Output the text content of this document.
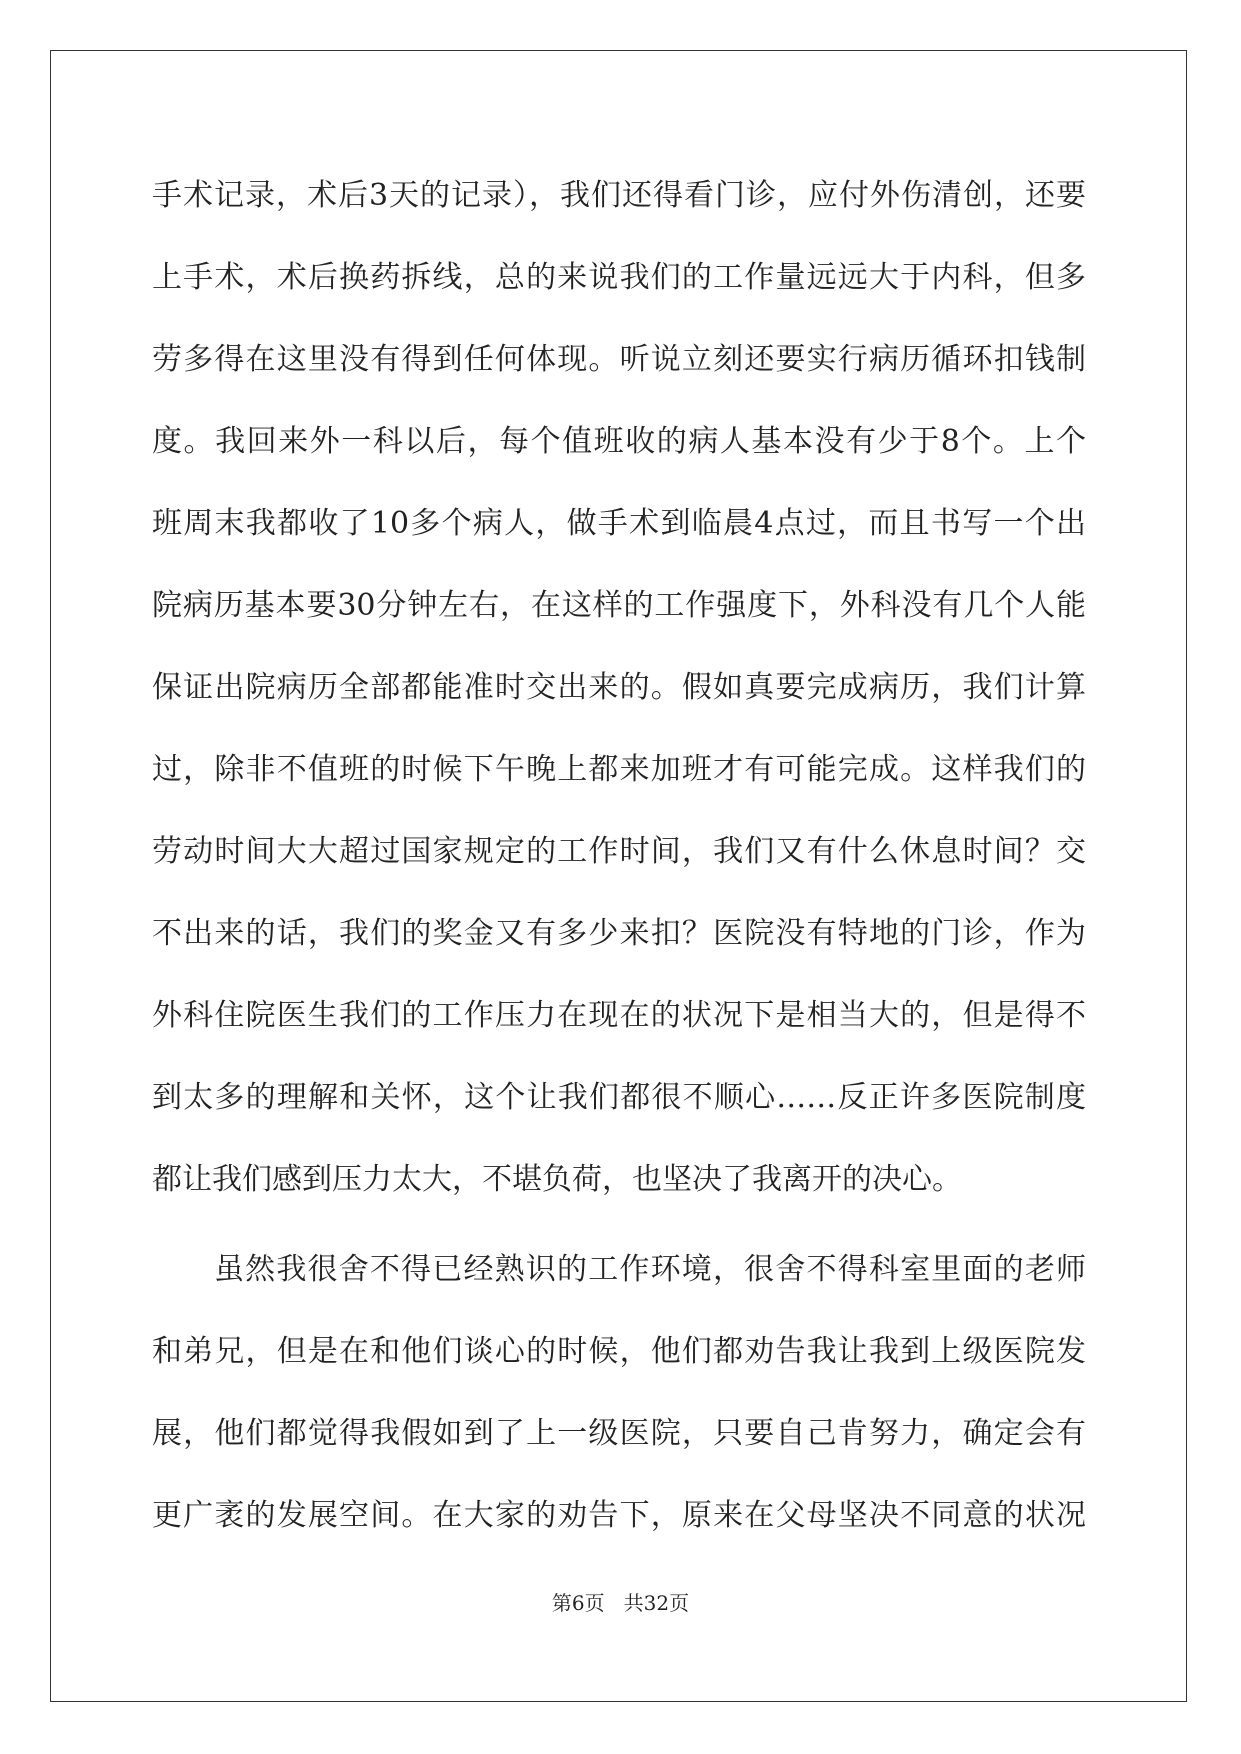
手术记录，术后3天的记录），我们还得看门诊，应付外伤清创，还要
上手术，术后换药拆线，总的来说我们的工作量远远大于内科，但多
劳多得在这里没有得到任何体现。听说立刻还要实行病历循环扣钱制
度。我回来外一科以后，每个值班收的病人基本没有少于8个。上个
班周末我都收了10多个病人，做手术到临晨4点过，而且书写一个出
院病历基本要30分钟左右，在这样的工作强度下，外科没有几个人能
保证出院病历全部都能准时交出来的。假如真要完成病历，我们计算
过，除非不值班的时候下午晚上都来加班才有可能完成。这样我们的
劳动时间大大超过国家规定的工作时间，我们又有什么休息时间？交
不出来的话，我们的奖金又有多少来扣？医院没有特地的门诊，作为
外科住院医生我们的工作压力在现在的状况下是相当大的，但是得不
到太多的理解和关怀，这个让我们都很不顺心……反正许多医院制度
都让我们感到压力太大，不堪负荷，也坚决了我离开的决心。
虽然我很舍不得已经熟识的工作环境，很舍不得科室里面的老师
和弟兄，但是在和他们谈心的时候，他们都劝告我让我到上级医院发
展，他们都觉得我假如到了上一级医院，只要自己肯努力，确定会有
更广袤的发展空间。在大家的劝告下，原来在父母坚决不同意的状况
第6页   共32页
